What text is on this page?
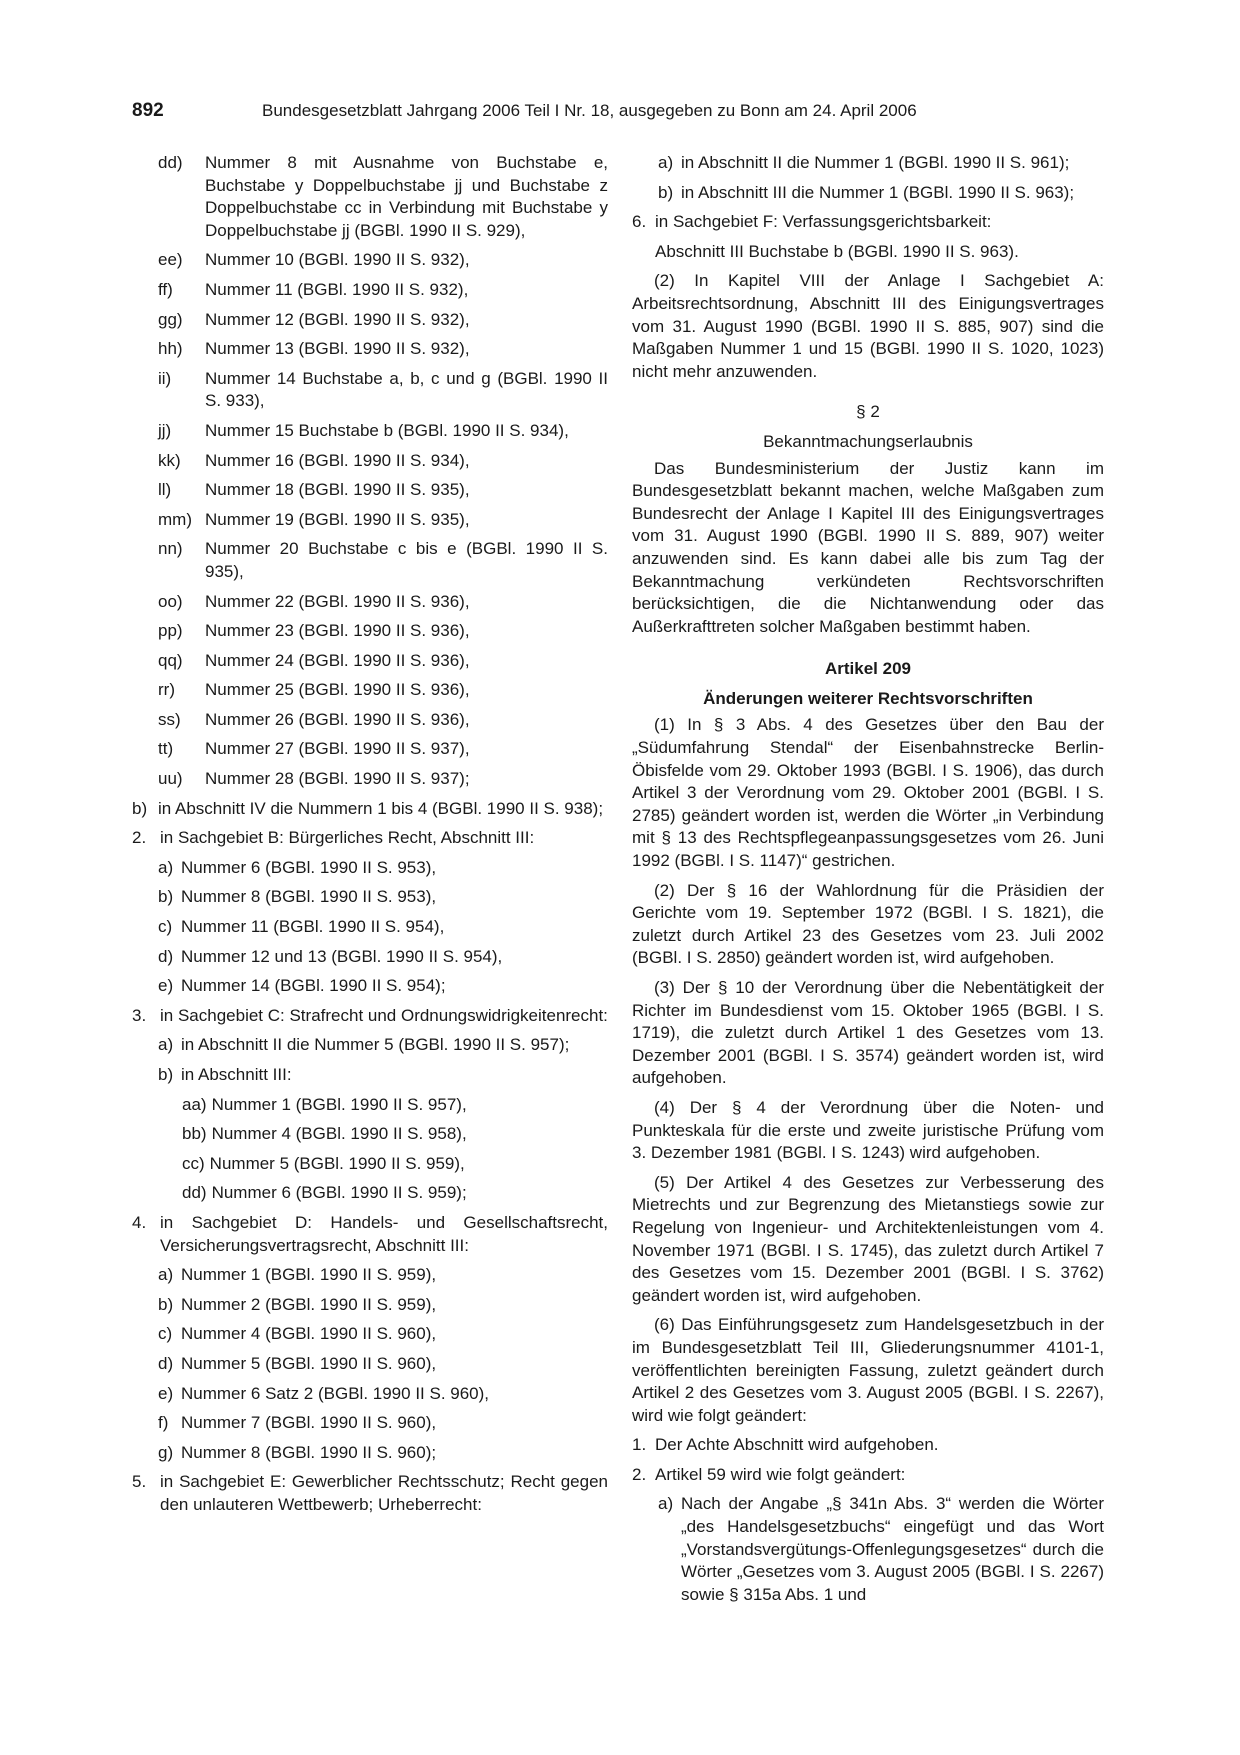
892	Bundesgesetzblatt Jahrgang 2006 Teil I Nr. 18, ausgegeben zu Bonn am 24. April 2006
dd)	Nummer 8 mit Ausnahme von Buchstabe e, Buchstabe y Doppelbuchstabe jj und Buchstabe z Doppelbuchstabe cc in Verbindung mit Buchstabe y Doppelbuchstabe jj (BGBl. 1990 II S. 929),
ee)	Nummer 10 (BGBl. 1990 II S. 932),
ff)	Nummer 11 (BGBl. 1990 II S. 932),
gg)	Nummer 12 (BGBl. 1990 II S. 932),
hh)	Nummer 13 (BGBl. 1990 II S. 932),
ii)	Nummer 14 Buchstabe a, b, c und g (BGBl. 1990 II S. 933),
jj)	Nummer 15 Buchstabe b (BGBl. 1990 II S. 934),
kk)	Nummer 16 (BGBl. 1990 II S. 934),
ll)	Nummer 18 (BGBl. 1990 II S. 935),
mm) Nummer 19 (BGBl. 1990 II S. 935),
nn)	Nummer 20 Buchstabe c bis e (BGBl. 1990 II S. 935),
oo)	Nummer 22 (BGBl. 1990 II S. 936),
pp)	Nummer 23 (BGBl. 1990 II S. 936),
qq)	Nummer 24 (BGBl. 1990 II S. 936),
rr)	Nummer 25 (BGBl. 1990 II S. 936),
ss)	Nummer 26 (BGBl. 1990 II S. 936),
tt)	Nummer 27 (BGBl. 1990 II S. 937),
uu)	Nummer 28 (BGBl. 1990 II S. 937);
b) in Abschnitt IV die Nummern 1 bis 4 (BGBl. 1990 II S. 938);
2. in Sachgebiet B: Bürgerliches Recht, Abschnitt III:
a) Nummer 6 (BGBl. 1990 II S. 953),
b) Nummer 8 (BGBl. 1990 II S. 953),
c) Nummer 11 (BGBl. 1990 II S. 954),
d) Nummer 12 und 13 (BGBl. 1990 II S. 954),
e) Nummer 14 (BGBl. 1990 II S. 954);
3. in Sachgebiet C: Strafrecht und Ordnungswidrigkeitenrecht:
a) in Abschnitt II die Nummer 5 (BGBl. 1990 II S. 957);
b) in Abschnitt III:
aa) Nummer 1 (BGBl. 1990 II S. 957),
bb) Nummer 4 (BGBl. 1990 II S. 958),
cc) Nummer 5 (BGBl. 1990 II S. 959),
dd) Nummer 6 (BGBl. 1990 II S. 959);
4. in Sachgebiet D: Handels- und Gesellschaftsrecht, Versicherungsvertragsrecht, Abschnitt III:
a) Nummer 1 (BGBl. 1990 II S. 959),
b) Nummer 2 (BGBl. 1990 II S. 959),
c) Nummer 4 (BGBl. 1990 II S. 960),
d) Nummer 5 (BGBl. 1990 II S. 960),
e) Nummer 6 Satz 2 (BGBl. 1990 II S. 960),
f) Nummer 7 (BGBl. 1990 II S. 960),
g) Nummer 8 (BGBl. 1990 II S. 960);
5. in Sachgebiet E: Gewerblicher Rechtsschutz; Recht gegen den unlauteren Wettbewerb; Urheberrecht:
a) in Abschnitt II die Nummer 1 (BGBl. 1990 II S. 961);
b) in Abschnitt III die Nummer 1 (BGBl. 1990 II S. 963);
6. in Sachgebiet F: Verfassungsgerichtsbarkeit:

Abschnitt III Buchstabe b (BGBl. 1990 II S. 963).

(2) In Kapitel VIII der Anlage I Sachgebiet A: Arbeitsrechtsordnung, Abschnitt III des Einigungsvertrages vom 31. August 1990 (BGBl. 1990 II S. 885, 907) sind die Maßgaben Nummer 1 und 15 (BGBl. 1990 II S. 1020, 1023) nicht mehr anzuwenden.

§ 2

Bekanntmachungserlaubnis

Das Bundesministerium der Justiz kann im Bundesgesetzblatt bekannt machen, welche Maßgaben zum Bundesrecht der Anlage I Kapitel III des Einigungsvertrages vom 31. August 1990 (BGBl. 1990 II S. 889, 907) weiter anzuwenden sind. Es kann dabei alle bis zum Tag der Bekanntmachung verkündeten Rechtsvorschriften berücksichtigen, die die Nichtanwendung oder das Außerkrafttreten solcher Maßgaben bestimmt haben.

Artikel 209

Änderungen weiterer Rechtsvorschriften

(1) In § 3 Abs. 4 des Gesetzes über den Bau der „Südumfahrung Stendal“ der Eisenbahnstrecke Berlin-Öbisfelde vom 29. Oktober 1993 (BGBl. I S. 1906), das durch Artikel 3 der Verordnung vom 29. Oktober 2001 (BGBl. I S. 2785) geändert worden ist, werden die Wörter „in Verbindung mit § 13 des Rechtspflegeanpassungsgesetzes vom 26. Juni 1992 (BGBl. I S. 1147)“ gestrichen.

(2) Der § 16 der Wahlordnung für die Präsidien der Gerichte vom 19. September 1972 (BGBl. I S. 1821), die zuletzt durch Artikel 23 des Gesetzes vom 23. Juli 2002 (BGBl. I S. 2850) geändert worden ist, wird aufgehoben.

(3) Der § 10 der Verordnung über die Nebentätigkeit der Richter im Bundesdienst vom 15. Oktober 1965 (BGBl. I S. 1719), die zuletzt durch Artikel 1 des Gesetzes vom 13. Dezember 2001 (BGBl. I S. 3574) geändert worden ist, wird aufgehoben.

(4) Der § 4 der Verordnung über die Noten- und Punkteskala für die erste und zweite juristische Prüfung vom 3. Dezember 1981 (BGBl. I S. 1243) wird aufgehoben.

(5) Der Artikel 4 des Gesetzes zur Verbesserung des Mietrechts und zur Begrenzung des Mietanstiegs sowie zur Regelung von Ingenieur- und Architektenleistungen vom 4. November 1971 (BGBl. I S. 1745), das zuletzt durch Artikel 7 des Gesetzes vom 15. Dezember 2001 (BGBl. I S. 3762) geändert worden ist, wird aufgehoben.

(6) Das Einführungsgesetz zum Handelsgesetzbuch in der im Bundesgesetzblatt Teil III, Gliederungsnummer 4101-1, veröffentlichten bereinigten Fassung, zuletzt geändert durch Artikel 2 des Gesetzes vom 3. August 2005 (BGBl. I S. 2267), wird wie folgt geändert:

1. Der Achte Abschnitt wird aufgehoben.
2. Artikel 59 wird wie folgt geändert:
a) Nach der Angabe „§ 341n Abs. 3“ werden die Wörter „des Handelsgesetzbuchs“ eingefügt und das Wort „Vorstandsvergütungs-Offenlegungsgesetzes“ durch die Wörter „Gesetzes vom 3. August 2005 (BGBl. I S. 2267) sowie § 315a Abs. 1 und
